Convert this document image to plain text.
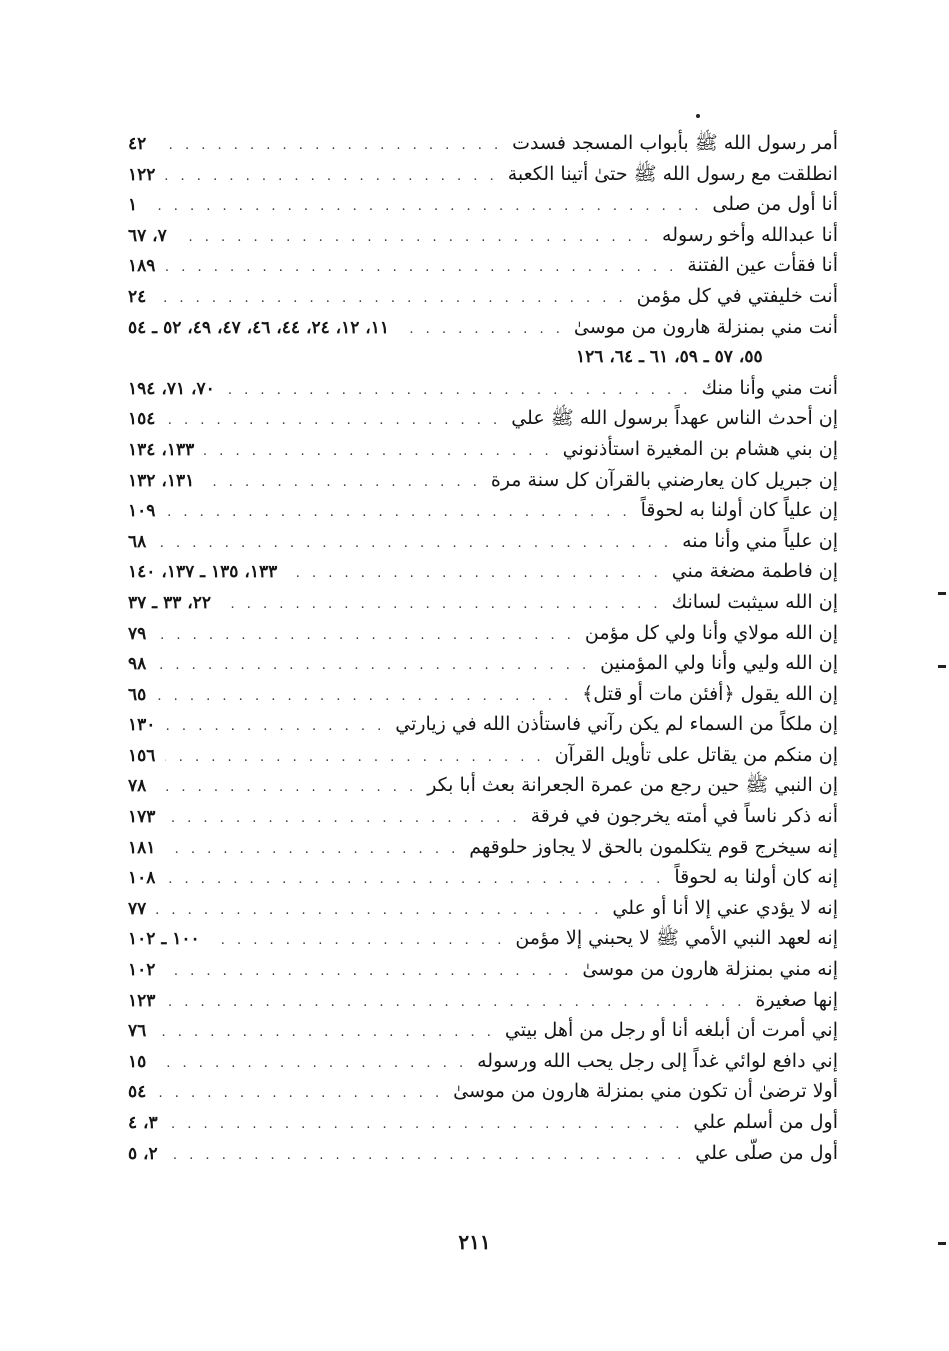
أمر رسول الله ﷺ بأبواب المسجد فسدت
. . .
٤٢
انطلقت مع رسول الله ﷺ حتىٰ أتينا الكعبة
. . .
١٢٢
أنا أول من صلى
. . .
١
أنا عبدالله وأخو رسوله
. . .
٧، ٦٧
أنا فقأت عين الفتنة
. . .
١٨٩
أنت خليفتي في كل مؤمن
. . .
٢٤
أنت مني بمنزلة هارون من موسىٰ
. . .
١١، ١٢، ٢٤، ٤٤، ٤٦، ٤٧، ٤٩، ٥٢ ـ ٥٤
٥٥، ٥٧ ـ ٥٩، ٦١ ـ ٦٤، ١٢٦
أنت مني وأنا منك
. . .
٧٠، ٧١، ١٩٤
إن أحدث الناس عهداً برسول الله ﷺ علي
. . .
١٥٤
إن بني هشام بن المغيرة استأذنوني
. . .
١٣٣، ١٣٤
إن جبريل كان يعارضني بالقرآن كل سنة مرة
. . .
١٣١، ١٣٢
إن علياً كان أولنا به لحوقاً
. . .
١٠٩
إن علياً مني وأنا منه
. . .
٦٨
إن فاطمة مضغة مني
. . .
١٣٣، ١٣٥ ـ ١٣٧، ١٤٠
إن الله سيثبت لسانك
. . .
٢٢، ٣٣ ـ ٣٧
إن الله مولاي وأنا ولي كل مؤمن
. . .
٧٩
إن الله وليي وأنا ولي المؤمنين
. . .
٩٨
إن الله يقول ﴿أفئن مات أو قتل﴾
. . .
٦٥
إن ملكاً من السماء لم يكن رآني فاستأذن الله في زيارتي
. . .
١٣٠
إن منكم من يقاتل على تأويل القرآن
. . .
١٥٦
إن النبي ﷺ حين رجع من عمرة الجعرانة بعث أبا بكر
. . .
٧٨
أنه ذكر ناساً في أمته يخرجون في فرقة
. . .
١٧٣
إنه سيخرج قوم يتكلمون بالحق لا يجاوز حلوقهم
. . .
١٨١
إنه كان أولنا به لحوقاً
. . .
١٠٨
إنه لا يؤدي عني إلا أنا أو علي
. . .
٧٧
إنه لعهد النبي الأمي ﷺ لا يحبني إلا مؤمن
. . .
١٠٠ ـ ١٠٢
إنه مني بمنزلة هارون من موسىٰ
. . .
١٠٢
إنها صغيرة
. . .
١٢٣
إني أمرت أن أبلغه أنا أو رجل من أهل بيتي
. . .
٧٦
إني دافع لوائي غداً إلى رجل يحب الله ورسوله
. . .
١٥
أولا ترضىٰ أن تكون مني بمنزلة هارون من موسىٰ
. . .
٥٤
أول من أسلم علي
. . .
٣، ٤
أول من صلّى علي
. . .
٢، ٥
٢١١
